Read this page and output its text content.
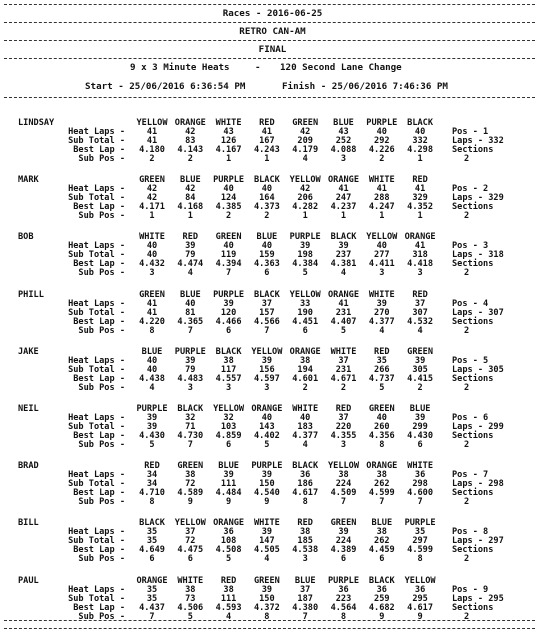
Races - 2016-06-25
RETRO CAN-AM
FINAL
9 x 3 Minute Heats	- 120 Second Lane Change
Start - 25/06/2016 6:36:54 PM	Finish - 25/06/2016 7:46:36 PM
LINDSAY	YELLOW ORANGE	WHITE	RED	GREEN	BLUE	PURPLE	BLACK
Heat Laps -	41	42	43	41	42	43	40	40
Sub Total -	41	83	126	167	209	252	292	332
Best Lap -	4.180	4.143	4.167	4.243	4.179	4.088	4.226	4.298
Sub Pos -	2	2	1	1	4	3	2	1
Pos - 1
Laps - 332
Sections
2
MARK	GREEN	BLUE	PURPLE	BLACK	YELLOW ORANGE	WHITE	RED
Heat Laps -	42	42	40	40	42	41	41	41
Sub Total -	42	84	124	164	206	247	288	329
Best Lap -	4.171	4.168	4.385	4.373	4.282	4.237	4.247	4.352
Sub Pos -	1	1	2	2	1	1	1	1
Pos - 2
Laps - 329
Sections
2
BOB	WHITE	RED	GREEN	BLUE	PURPLE	BLACK	YELLOW ORANGE
Heat Laps -	40	39	40	40	39	39	40	41
Sub Total -	40	79	119	159	198	237	277	318
Best Lap -	4.432	4.474	4.394	4.363	4.384	4.381	4.411	4.418
Sub Pos -	3	4	7	6	5	4	3	3
Pos - 3
Laps - 318
Sections
2
PHILL	GREEN	BLUE	PURPLE	BLACK	YELLOW ORANGE	WHITE	RED
Heat Laps -	41	40	39	37	33	41	39	37
Sub Total -	41	81	120	157	190	231	270	307
Best Lap -	4.220	4.365	4.466	4.566	4.451	4.407	4.377	4.532
Sub Pos -	8	7	6	7	6	5	4	4
Pos - 4
Laps - 307
Sections
2
JAKE	BLUE	PURPLE	BLACK	YELLOW ORANGE	WHITE	RED	GREEN
Heat Laps -	40	39	38	39	38	37	35	39
Sub Total -	40	79	117	156	194	231	266	305
Best Lap -	4.438	4.483	4.557	4.597	4.601	4.671	4.737	4.415
Sub Pos -	4	3	3	3	2	2	5	2
Pos - 5
Laps - 305
Sections
2
NEIL	PURPLE	BLACK	YELLOW ORANGE	WHITE	RED	GREEN	BLUE
Heat Laps -	39	32	32	40	40	37	40	39
Sub Total -	39	71	103	143	183	220	260	299
Best Lap -	4.430	4.730	4.859	4.402	4.377	4.355	4.356	4.430
Sub Pos -	5	7	6	5	4	3	8	6
Pos - 6
Laps - 299
Sections
2
BRAD	RED	GREEN	BLUE	PURPLE	BLACK	YELLOW ORANGE	WHITE
Heat Laps -	34	38	39	39	36	38	38	36
Sub Total -	34	72	111	150	186	224	262	298
Best Lap -	4.710	4.589	4.484	4.540	4.617	4.509	4.599	4.600
Sub Pos -	8	9	9	9	8	7	7	7
Pos - 7
Laps - 298
Sections
2
BILL	BLACK	YELLOW ORANGE	WHITE	RED	GREEN	BLUE	PURPLE
Heat Laps -	35	37	36	39	38	39	38	35
Sub Total -	35	72	108	147	185	224	262	297
Best Lap -	4.649	4.475	4.508	4.505	4.538	4.389	4.459	4.599
Sub Pos -	6	6	5	4	3	6	6	8
Pos - 8
Laps - 297
Sections
2
PAUL	ORANGE	WHITE	RED	GREEN	BLUE	PURPLE	BLACK	YELLOW
Heat Laps -	35	38	38	39	37	36	36	36
Sub Total -	35	73	111	150	187	223	259	295
Best Lap -	4.437	4.506	4.593	4.372	4.380	4.564	4.682	4.617
Sub Pos -	7	5	4	8	7	8	9	9
Pos - 9
Laps - 295
Sections
2
